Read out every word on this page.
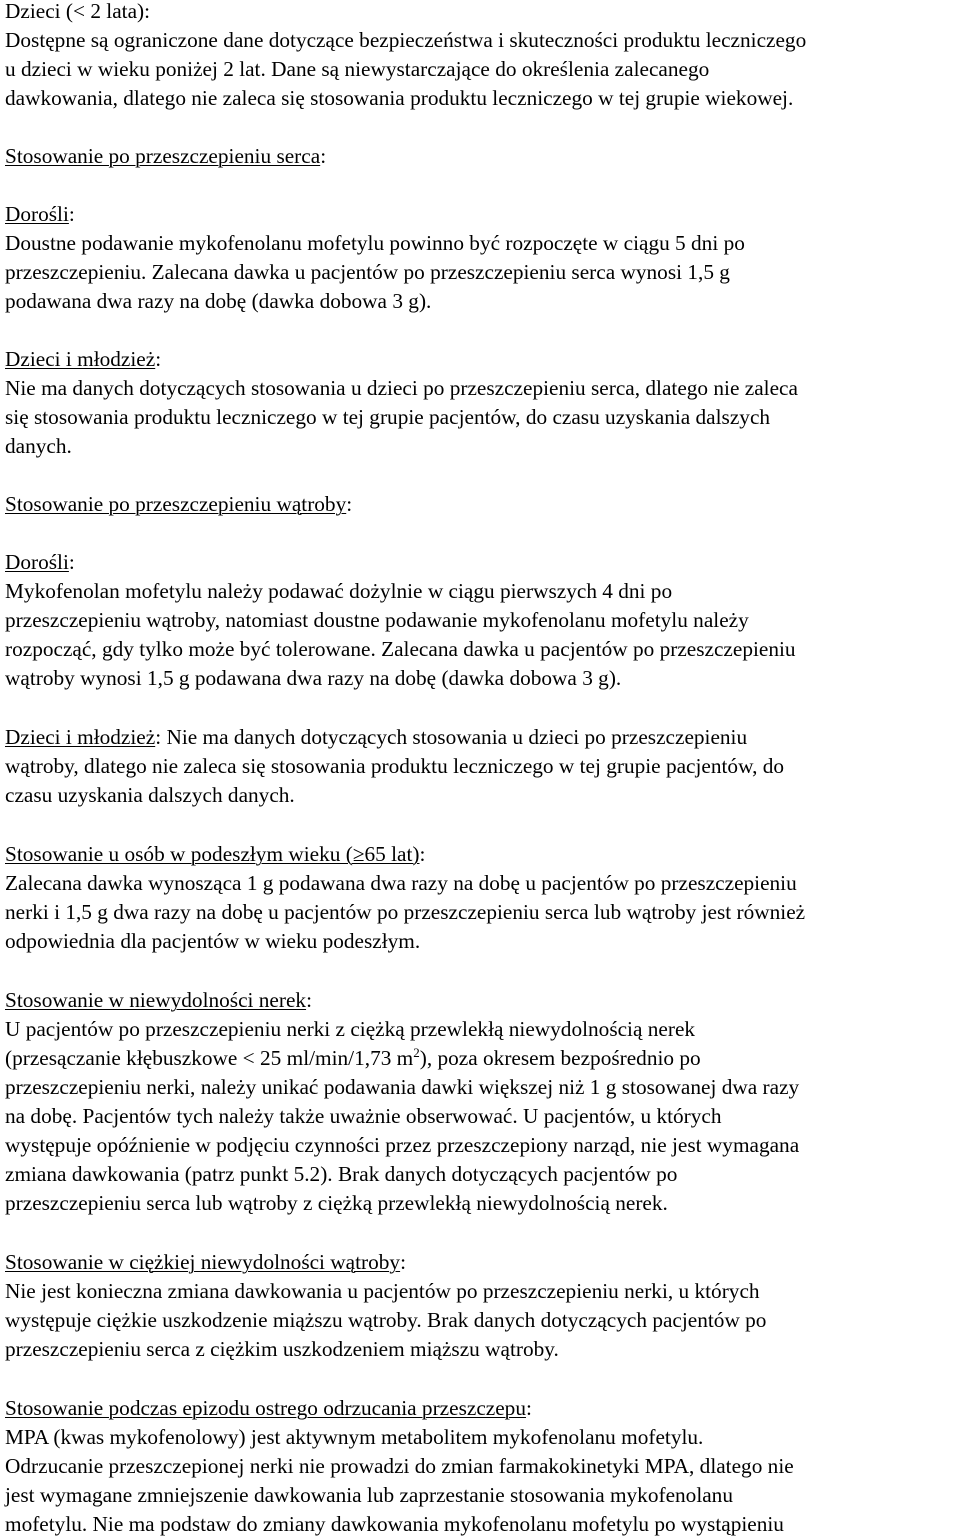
Dzieci (< 2 lata):
Dostępne są ograniczone dane dotyczące bezpieczeństwa i skuteczności produktu leczniczego
u dzieci w wieku poniżej 2 lat. Dane są niewystarczające do określenia zalecanego
dawkowania, dlatego nie zaleca się stosowania produktu leczniczego w tej grupie wiekowej.
Stosowanie po przeszczepieniu serca:
Dorośli:
Doustne podawanie mykofenolanu mofetylu powinno być rozpoczęte w ciągu 5 dni po
przeszczepieniu. Zalecana dawka u pacjentów po przeszczepieniu serca wynosi 1,5 g
podawana dwa razy na dobę (dawka dobowa 3 g).
Dzieci i młodzież:
Nie ma danych dotyczących stosowania u dzieci po przeszczepieniu serca, dlatego nie zaleca
się stosowania produktu leczniczego w tej grupie pacjentów, do czasu uzyskania dalszych
danych.
Stosowanie po przeszczepieniu wątroby:
Dorośli:
Mykofenolan mofetylu należy podawać dożylnie w ciągu pierwszych 4 dni po
przeszczepieniu wątroby, natomiast doustne podawanie mykofenolanu mofetylu należy
rozpocząć, gdy tylko może być tolerowane. Zalecana dawka u pacjentów po przeszczepieniu
wątroby wynosi 1,5 g podawana dwa razy na dobę (dawka dobowa 3 g).
Dzieci i młodzież: Nie ma danych dotyczących stosowania u dzieci po przeszczepieniu
wątroby, dlatego nie zaleca się stosowania produktu leczniczego w tej grupie pacjentów, do
czasu uzyskania dalszych danych.
Stosowanie u osób w podeszłym wieku (≥65 lat):
Zalecana dawka wynosząca 1 g podawana dwa razy na dobę u pacjentów po przeszczepieniu
nerki i 1,5 g dwa razy na dobę u pacjentów po przeszczepieniu serca lub wątroby jest również
odpowiednia dla pacjentów w wieku podeszłym.
Stosowanie w niewydolności nerek:
U pacjentów po przeszczepieniu nerki z ciężką przewlekłą niewydolnością nerek
(przesączanie kłębuszkowe < 25 ml/min/1,73 $m^2$), poza okresem bezpośrednio po
przeszczepieniu nerki, należy unikać podawania dawki większej niż 1 g stosowanej dwa razy
na dobę. Pacjentów tych należy także uważnie obserwować. U pacjentów, u których
występuje opóźnienie w podjęciu czynności przez przeszczepiony narząd, nie jest wymagana
zmiana dawkowania (patrz punkt 5.2). Brak danych dotyczących pacjentów po
przeszczepieniu serca lub wątroby z ciężką przewlekłą niewydolnością nerek.
Stosowanie w ciężkiej niewydolności wątroby:
Nie jest konieczna zmiana dawkowania u pacjentów po przeszczepieniu nerki, u których
występuje ciężkie uszkodzenie miąższu wątroby. Brak danych dotyczących pacjentów po
przeszczepieniu serca z ciężkim uszkodzeniem miąższu wątroby.
Stosowanie podczas epizodu ostrego odrzucania przeszczepu:
MPA (kwas mykofenolowy) jest aktywnym metabolitem mykofenolanu mofetylu.
Odrzucanie przeszczepionej nerki nie prowadzi do zmian farmakokinetyki MPA, dlatego nie
jest wymagane zmniejszenie dawkowania lub zaprzestanie stosowania mykofenolanu
mofetylu. Nie ma podstaw do zmiany dawkowania mykofenolanu mofetylu po wystąpieniu
